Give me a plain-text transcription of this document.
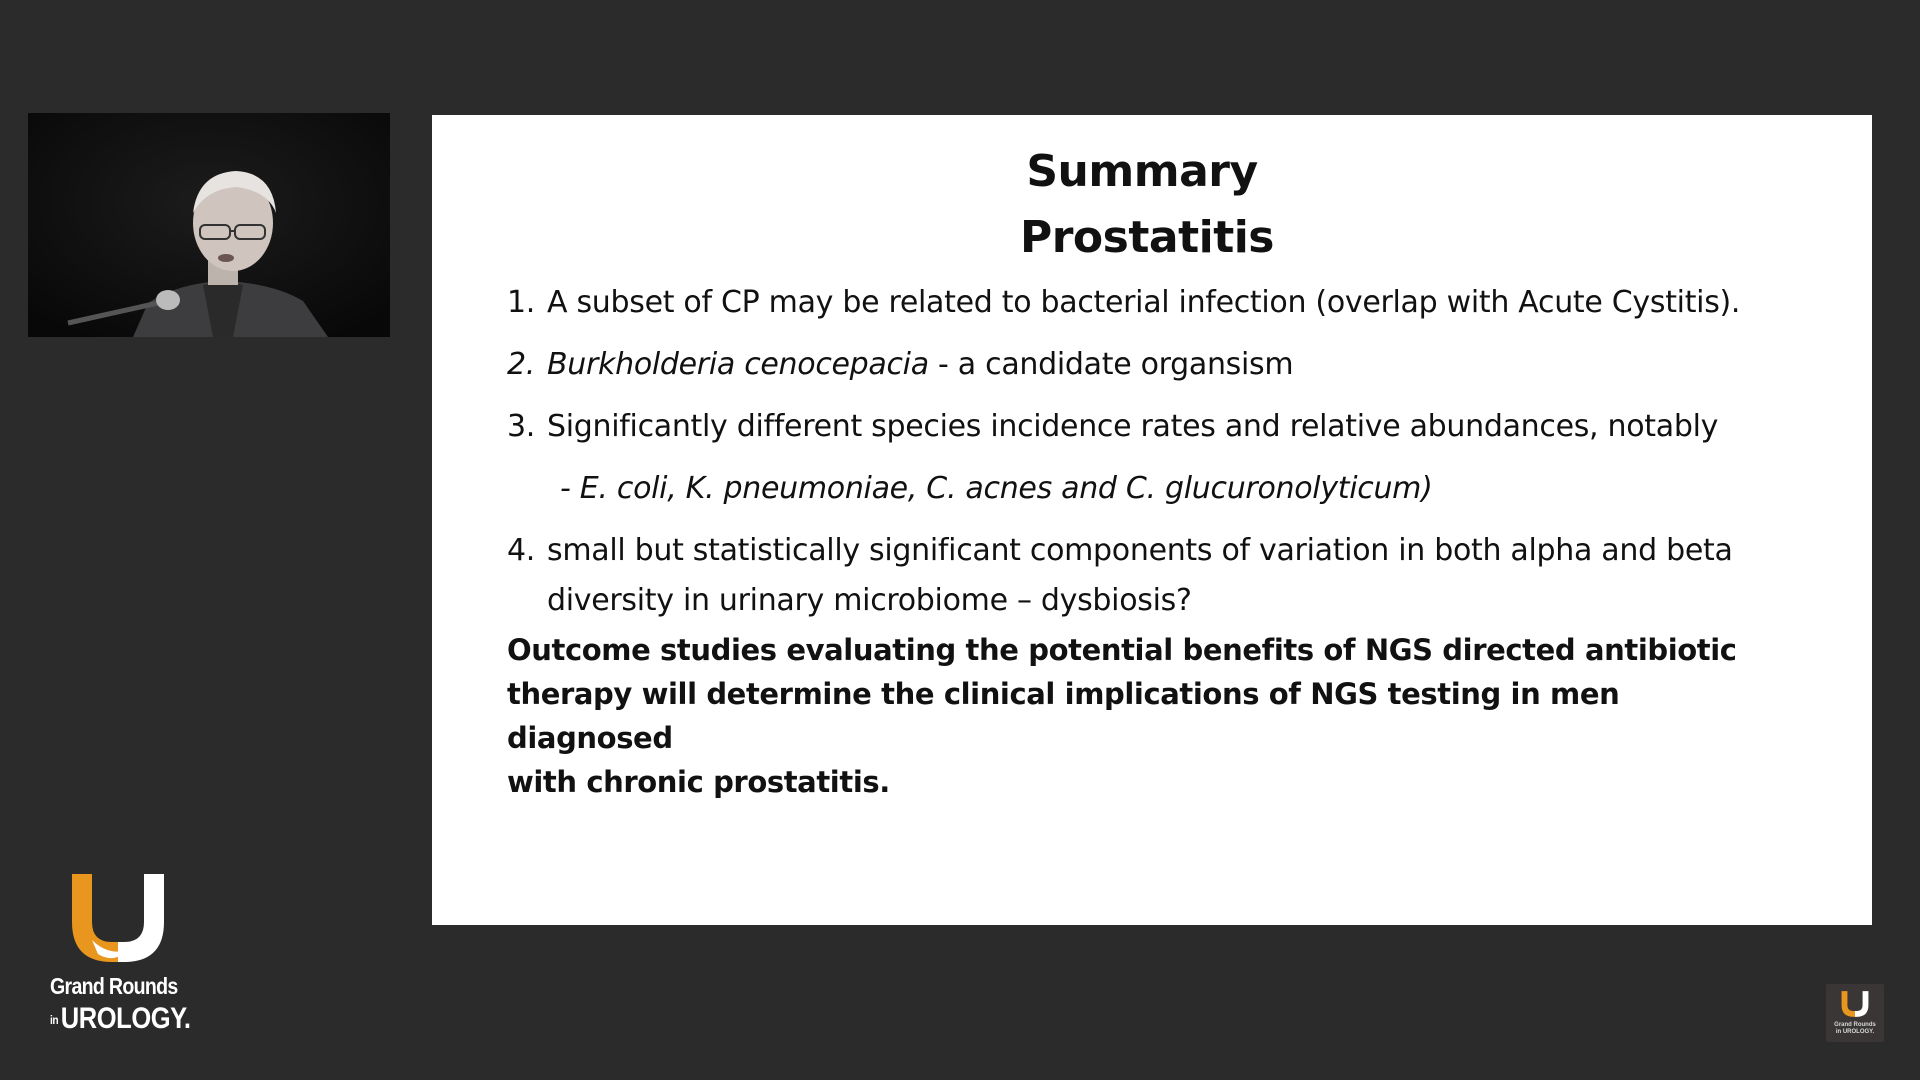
Summary
Prostatitis
1. A subset of CP may be related to bacterial infection (overlap with Acute Cystitis).
2. Burkholderia cenocepacia - a candidate organsism
3. Significantly different species incidence rates and relative abundances, notably
- E. coli, K. pneumoniae, C. acnes and C. glucuronolyticum)
4. small but statistically significant components of variation in both alpha and beta
diversity in urinary microbiome – dysbiosis?
Outcome studies evaluating the potential benefits of NGS directed antibiotic
therapy will determine the clinical implications of NGS testing in men diagnosed
with chronic prostatitis.
Grand Rounds
inUROLOGY.	Grand Rounds
in UROLOGY.
